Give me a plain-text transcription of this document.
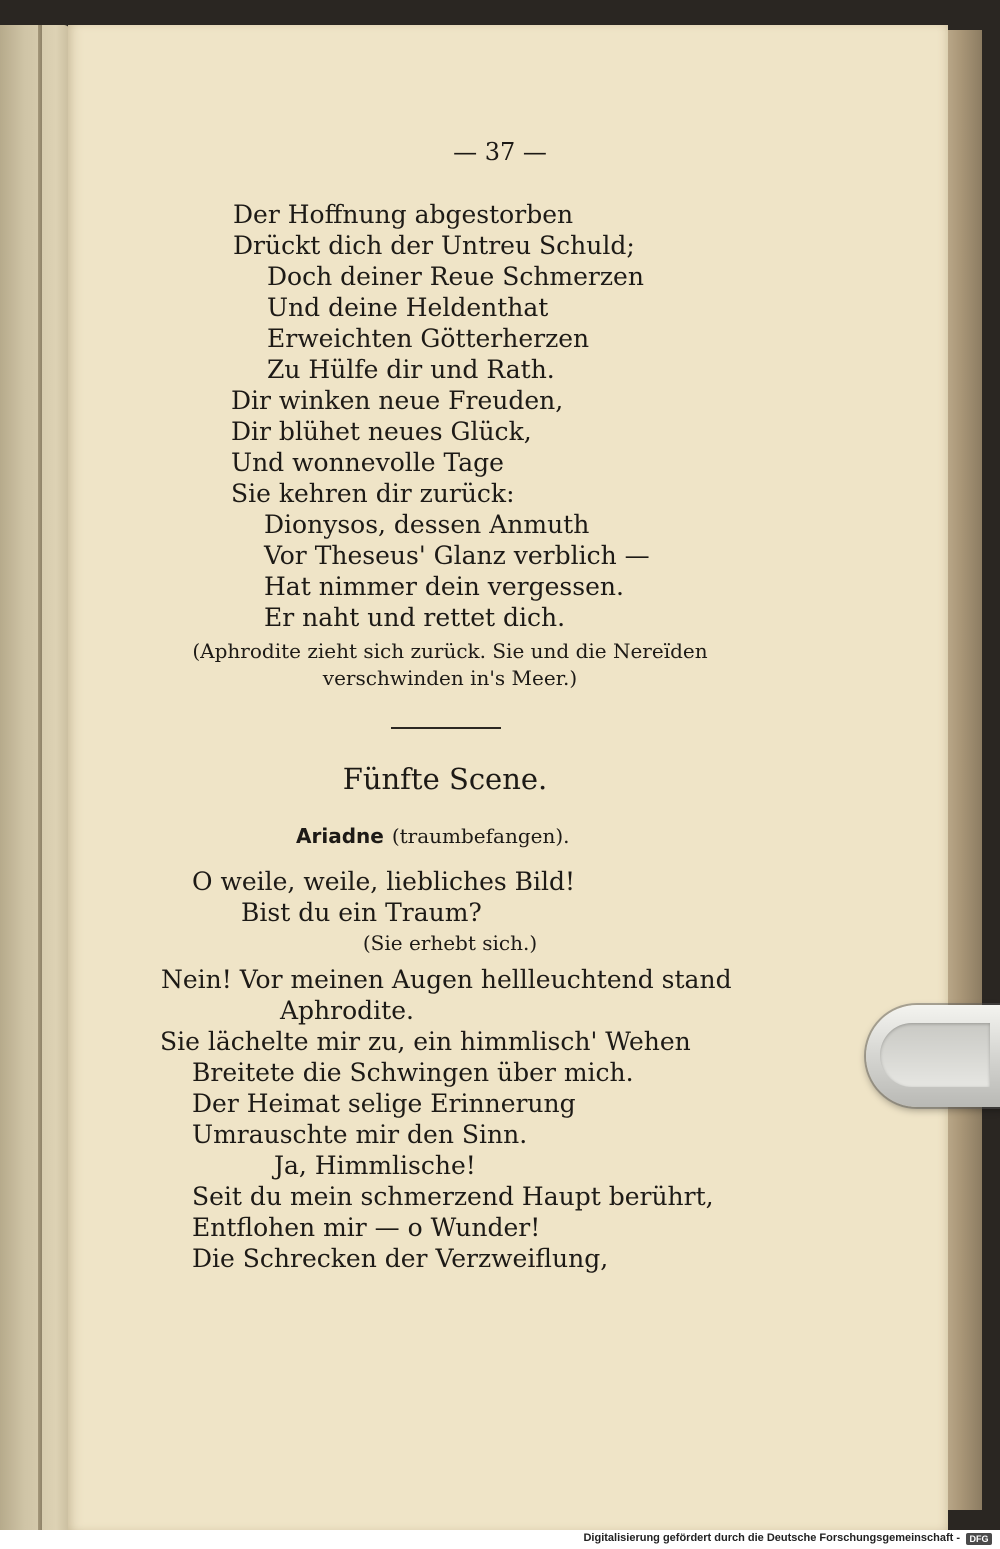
— 37 —
Der Hoffnung abgestorben
Drückt dich der Untreu Schuld;
Doch deiner Reue Schmerzen
Und deine Heldenthat
Erweichten Götterherzen
Zu Hülfe dir und Rath.
Dir winken neue Freuden,
Dir blühet neues Glück,
Und wonnevolle Tage
Sie kehren dir zurück:
Dionysos, dessen Anmuth
Vor Theseus' Glanz verblich —
Hat nimmer dein vergessen.
Er naht und rettet dich.
(Aphrodite zieht sich zurück. Sie und die Nereïden
verschwinden in's Meer.)
Fünfte Scene.
Ariadne (traumbefangen).
O weile, weile, liebliches Bild!
Bist du ein Traum?
(Sie erhebt sich.)
Nein! Vor meinen Augen hellleuchtend stand
Aphrodite.
Sie lächelte mir zu, ein himmlisch' Wehen
Breitete die Schwingen über mich.
Der Heimat selige Erinnerung
Umrauschte mir den Sinn.
Ja, Himmlische!
Seit du mein schmerzend Haupt berührt,
Entflohen mir — o Wunder!
Die Schrecken der Verzweiflung,
Digitalisierung gefördert durch die Deutsche Forschungsgemeinschaft -	DFG
